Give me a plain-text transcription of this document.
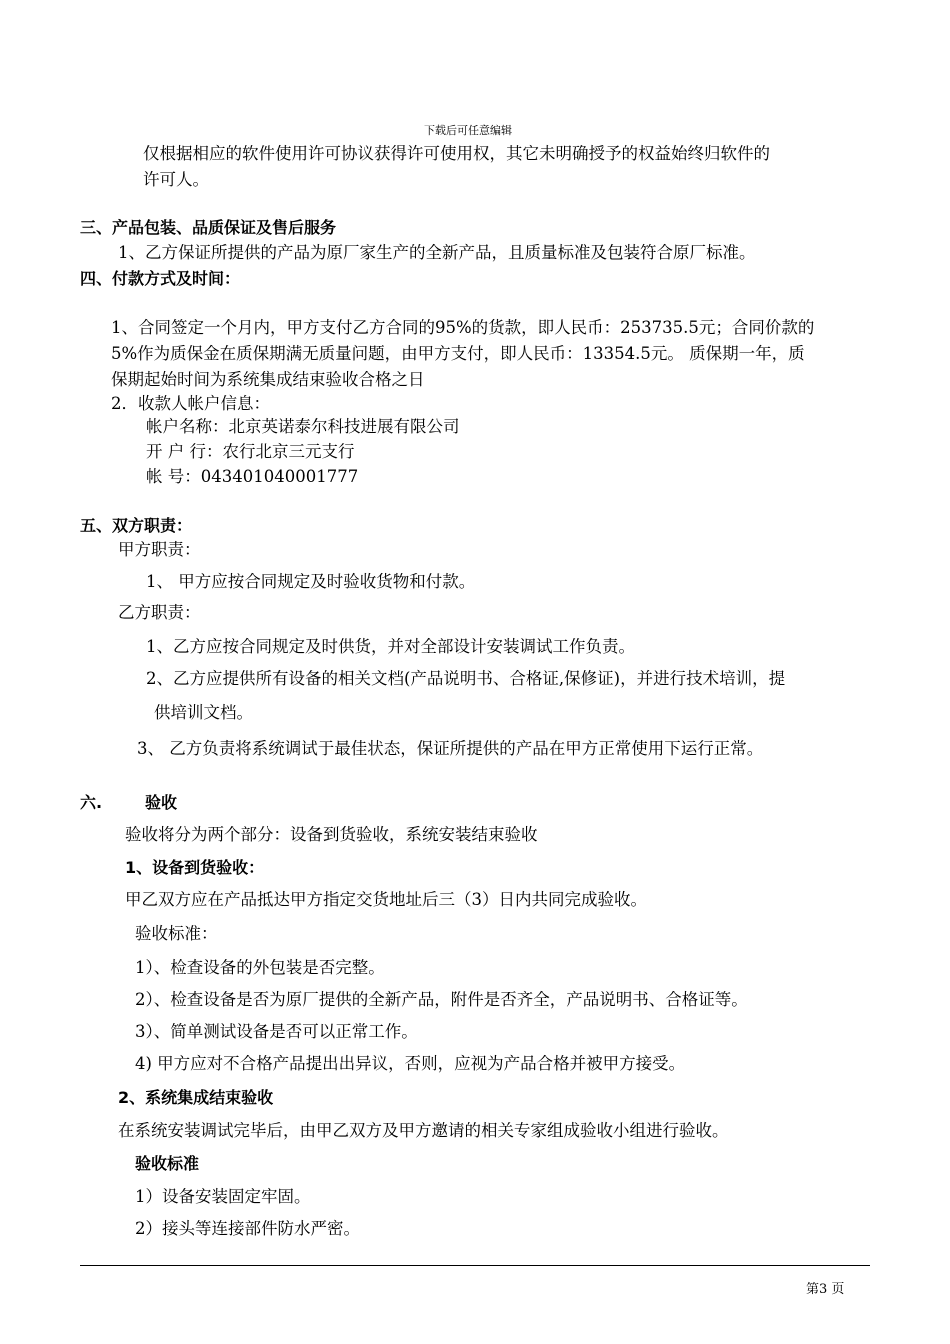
下载后可任意编辑
仅根据相应的软件使用许可协议获得许可使用权，其它未明确授予的权益始终归软件的
许可人。
三、产品包装、品质保证及售后服务
1、乙方保证所提供的产品为原厂家生产的全新产品，且质量标准及包装符合原厂标准。
四、付款方式及时间：
1、合同签定一个月内，甲方支付乙方合同的95%的货款，即人民币：253735.5元；合同价款的
5%作为质保金在质保期满无质量问题，由甲方支付，即人民币：13354.5元。 质保期一年，质
保期起始时间为系统集成结束验收合格之日
2．收款人帐户信息：
帐户名称：北京英诺泰尔科技进展有限公司
开 户 行：农行北京三元支行
帐 号：043401040001777
五、双方职责：
甲方职责：
1、 甲方应按合同规定及时验收货物和付款。
乙方职责：
1、乙方应按合同规定及时供货，并对全部设计安装调试工作负责。
2、乙方应提供所有设备的相关文档(产品说明书、合格证,保修证)，并进行技术培训，提
供培训文档。
3、 乙方负责将系统调试于最佳状态，保证所提供的产品在甲方正常使用下运行正常。
六.	验收
验收将分为两个部分：设备到货验收，系统安装结束验收
1、设备到货验收：
甲乙双方应在产品抵达甲方指定交货地址后三（3）日内共同完成验收。
验收标准：
1）、检查设备的外包装是否完整。
2）、检查设备是否为原厂提供的全新产品，附件是否齐全，产品说明书、合格证等。
3）、简单测试设备是否可以正常工作。
4) 甲方应对不合格产品提出出异议，否则，应视为产品合格并被甲方接受。
2、系统集成结束验收
在系统安装调试完毕后，由甲乙双方及甲方邀请的相关专家组成验收小组进行验收。
验收标准
1）设备安装固定牢固。
2）接头等连接部件防水严密。
第3 页
